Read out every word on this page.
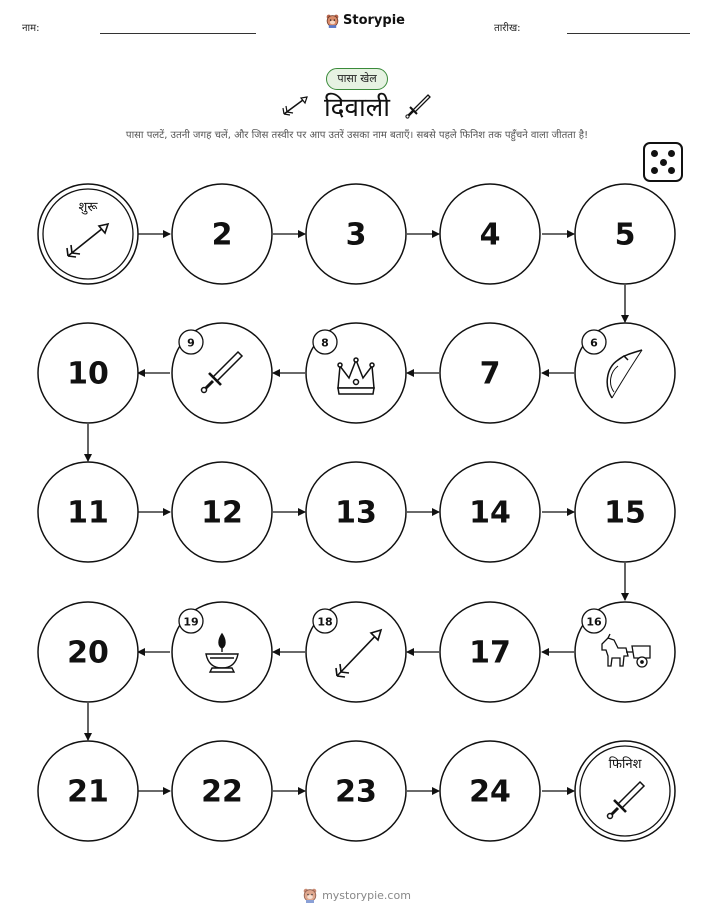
नाम:
Storypie
तारीख:
पासा खेल
दिवाली
पासा पलटें, उतनी जगह चलें, और जिस तस्वीर पर आप उतरें उसका नाम बताएँ। सबसे पहले फिनिश तक पहुँचने वाला जीतता है!
शुरू
2	3	4	5
6
7
8
9
10
11	12	13	14	15
16
17
18
19
20
21	22	23	24
फिनिश
mystorypie.com
